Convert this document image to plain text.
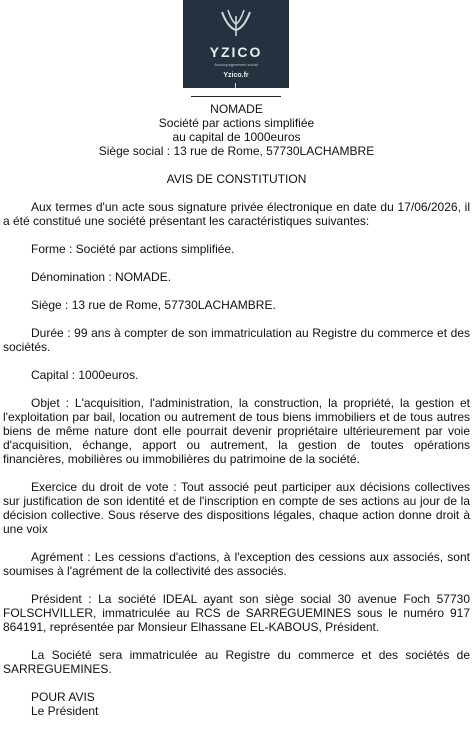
YZICO
Accompagnement social
Yzico.fr
NOMADE
Société par actions simplifiée
au capital de 1000euros
Siège social : 13 rue de Rome, 57730LACHAMBRE
AVIS DE CONSTITUTION

Aux termes d'un acte sous signature privée électronique en date du 17/06/2026, il a été constitué une société présentant les caractéristiques suivantes:

Forme : Société par actions simplifiée.

Dénomination : NOMADE.

Siège : 13 rue de Rome, 57730LACHAMBRE.

Durée : 99 ans à compter de son immatriculation au Registre du commerce et des sociétés.

Capital : 1000euros.

Objet : L'acquisition, l'administration, la construction, la propriété, la gestion et l'exploitation par bail, location ou autrement de tous biens immobiliers et de tous autres biens de même nature dont elle pourrait devenir propriétaire ultérieurement par voie d'acquisition, échange, apport ou autrement, la gestion de toutes opérations financières, mobilières ou immobilières du patrimoine de la société.

Exercice du droit de vote : Tout associé peut participer aux décisions collectives sur justification de son identité et de l'inscription en compte de ses actions au jour de la décision collective. Sous réserve des dispositions légales, chaque action donne droit à une voix

Agrément : Les cessions d'actions, à l'exception des cessions aux associés, sont soumises à l'agrément de la collectivité des associés.

Président : La société IDEAL ayant son siège social 30 avenue Foch 57730 FOLSCHVILLER, immatriculée au RCS de SARREGUEMINES sous le numéro 917 864191, représentée par Monsieur Elhassane EL-KABOUS, Président.

La Société sera immatriculée au Registre du commerce et des sociétés de SARREGUEMINES.

POUR AVIS
Le Président
